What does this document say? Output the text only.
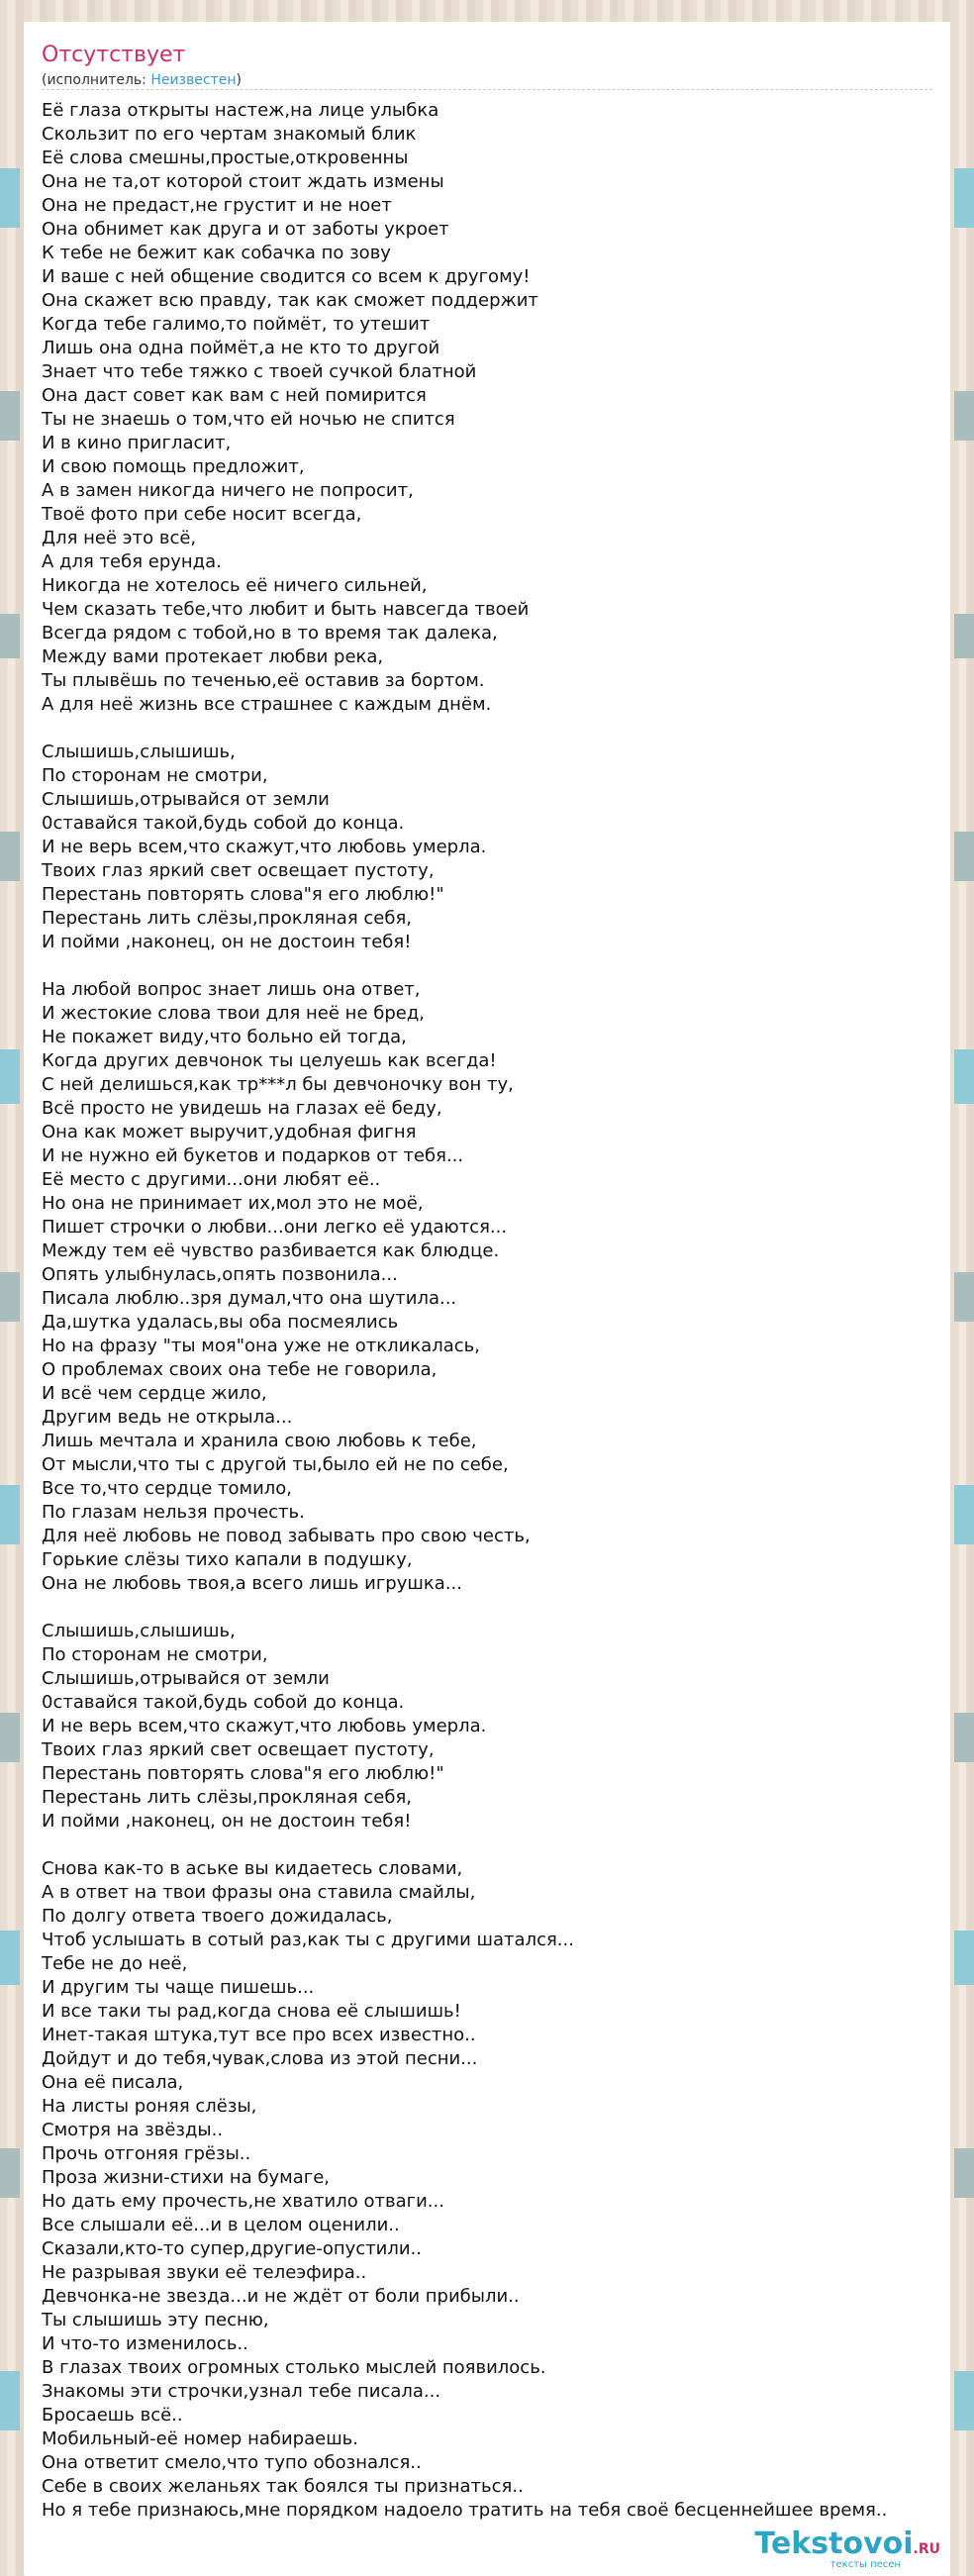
Отсутствует
(исполнитель: Неизвестен)
Её глаза открыты настеж,на лице улыбка
Скользит по его чертам знакомый блик
Её слова смешны,простые,откровенны
Она не та,от которой стоит ждать измены
Она не предаст,не грустит и не ноет
Она обнимет как друга и от заботы укроет
К тебе не бежит как собачка по зову
И ваше с ней общение сводится со всем к другому!
Она скажет всю правду, так как сможет поддержит
Когда тебе галимо,то поймёт, то утешит
Лишь она одна поймёт,а не кто то другой
Знает что тебе тяжко с твоей сучкой блатной
Она даст совет как вам с ней помирится
Ты не знаешь о том,что ей ночью не спится
И в кино пригласит,
И свою помощь предложит,
А в замен никогда ничего не попросит,
Твоё фото при себе носит всегда,
Для неё это всё,
А для тебя ерунда.
Никогда не хотелось её ничего сильней,
Чем сказать тебе,что любит и быть навсегда твоей
Всегда рядом с тобой,но в то время так далека,
Между вами протекает любви река,
Ты плывёшь по теченью,её оставив за бортом.
А для неё жизнь все страшнее с каждым днём.

Слышишь,слышишь,
По сторонам не смотри,
Слышишь,отрывайся от земли
0ставайся такой,будь собой до конца.
И не верь всем,что скажут,что любовь умерла.
Твоих глаз яркий свет освещает пустоту,
Перестань повторять слова"я его люблю!"
Перестань лить слёзы,прокляная себя,
И пойми ,наконец, он не достоин тебя!

На любой вопрос знает лишь она ответ,
И жестокие слова твои для неё не бред,
Не покажет виду,что больно ей тогда,
Когда других девчонок ты целуешь как всегда!
С ней делишься,как тр***л бы девчоночку вон ту,
Всё просто не увидешь на глазах её беду,
Она как может выручит,удобная фигня
И не нужно ей букетов и подарков от тебя...
Её место с другими...они любят её..
Но она не принимает их,мол это не моё,
Пишет строчки о любви...они легко её удаются...
Между тем её чувство разбивается как блюдце.
Опять улыбнулась,опять позвонила...
Писала люблю..зря думал,что она шутила...
Да,шутка удалась,вы оба посмеялись
Но на фразу "ты моя"она уже не откликалась,
О проблемах своих она тебе не говорила,
И всё чем сердце жило,
Другим ведь не открыла...
Лишь мечтала и хранила свою любовь к тебе,
От мысли,что ты с другой ты,было ей не по себе,
Все то,что сердце томило,
По глазам нельзя прочесть.
Для неё любовь не повод забывать про свою честь,
Горькие слёзы тихо капали в подушку,
Она не любовь твоя,а всего лишь игрушка...

Слышишь,слышишь,
По сторонам не смотри,
Слышишь,отрывайся от земли
0ставайся такой,будь собой до конца.
И не верь всем,что скажут,что любовь умерла.
Твоих глаз яркий свет освещает пустоту,
Перестань повторять слова"я его люблю!"
Перестань лить слёзы,прокляная себя,
И пойми ,наконец, он не достоин тебя!

Снова как-то в аське вы кидаетесь словами,
А в ответ на твои фразы она ставила смайлы,
По долгу ответа твоего дожидалась,
Чтоб услышать в сотый раз,как ты с другими шатался...
Тебе не до неё,
И другим ты чаще пишешь...
И все таки ты рад,когда снова её слышишь!
Инет-такая штука,тут все про всех известно..
Дойдут и до тебя,чувак,слова из этой песни...
Она её писала,
На листы роняя слёзы,
Смотря на звёзды..
Прочь отгоняя грёзы..
Проза жизни-стихи на бумаге,
Но дать ему прочесть,не хватило отваги...
Все слышали её...и в целом оценили..
Сказали,кто-то супер,другие-опустили..
Не разрывая звуки её телеэфира..
Девчонка-не звезда...и не ждёт от боли прибыли..
Ты слышишь эту песню,
И что-то изменилось..
В глазах твоих огромных столько мыслей появилось.
Знакомы эти строчки,узнал тебе писала...
Бросаешь всё..
Мобильный-её номер набираешь.
Она ответит смело,что тупо обознался..
Себе в своих желаньях так боялся ты признаться..
Но я тебе признаюсь,мне порядком надоело тратить на тебя своё бесценнейшее время..
Tekstovoi.RU
тексты песен
